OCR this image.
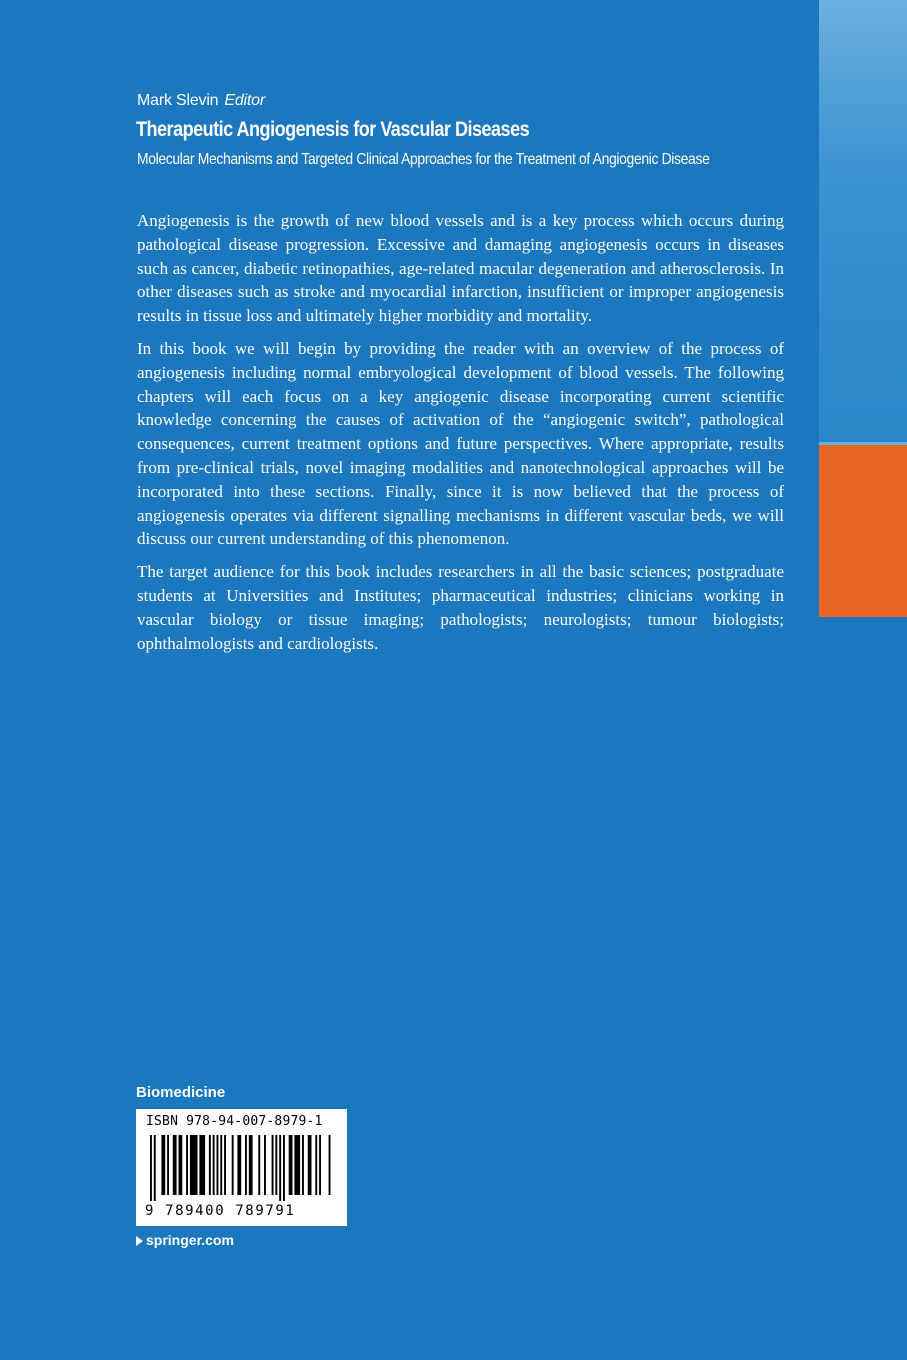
Mark Slevin Editor
Therapeutic Angiogenesis for Vascular Diseases
Molecular Mechanisms and Targeted Clinical Approaches for the Treatment of Angiogenic Disease

Angiogenesis is the growth of new blood vessels and is a key process which occurs during pathological disease progression. Excessive and damaging angiogenesis occurs in diseases such as cancer, diabetic retinopathies, age-related macular degeneration and atherosclerosis. In other diseases such as stroke and myocardial infarction, insufficient or improper angiogenesis results in tissue loss and ultimately higher morbidity and mortality.

In this book we will begin by providing the reader with an overview of the process of angiogenesis including normal embryological development of blood vessels. The following chapters will each focus on a key angiogenic disease incorporating current scientific knowledge concerning the causes of activation of the “angiogenic switch”, pathological consequences, current treatment options and future perspectives. Where appropriate, results from pre-clinical trials, novel imaging modalities and nanotechnological approaches will be incorporated into these sections. Finally, since it is now believed that the process of angiogenesis operates via different signalling mechanisms in different vascular beds, we will discuss our current understanding of this phenomenon.

The target audience for this book includes researchers in all the basic sciences; postgraduate students at Universities and Institutes; pharmaceutical industries; clinicians working in vascular biology or tissue imaging; pathologists; neurologists; tumour biologists; ophthalmologists and cardiologists.

Biomedicine
ISBN 978-94-007-8979-1
9 789400 789791
springer.com
